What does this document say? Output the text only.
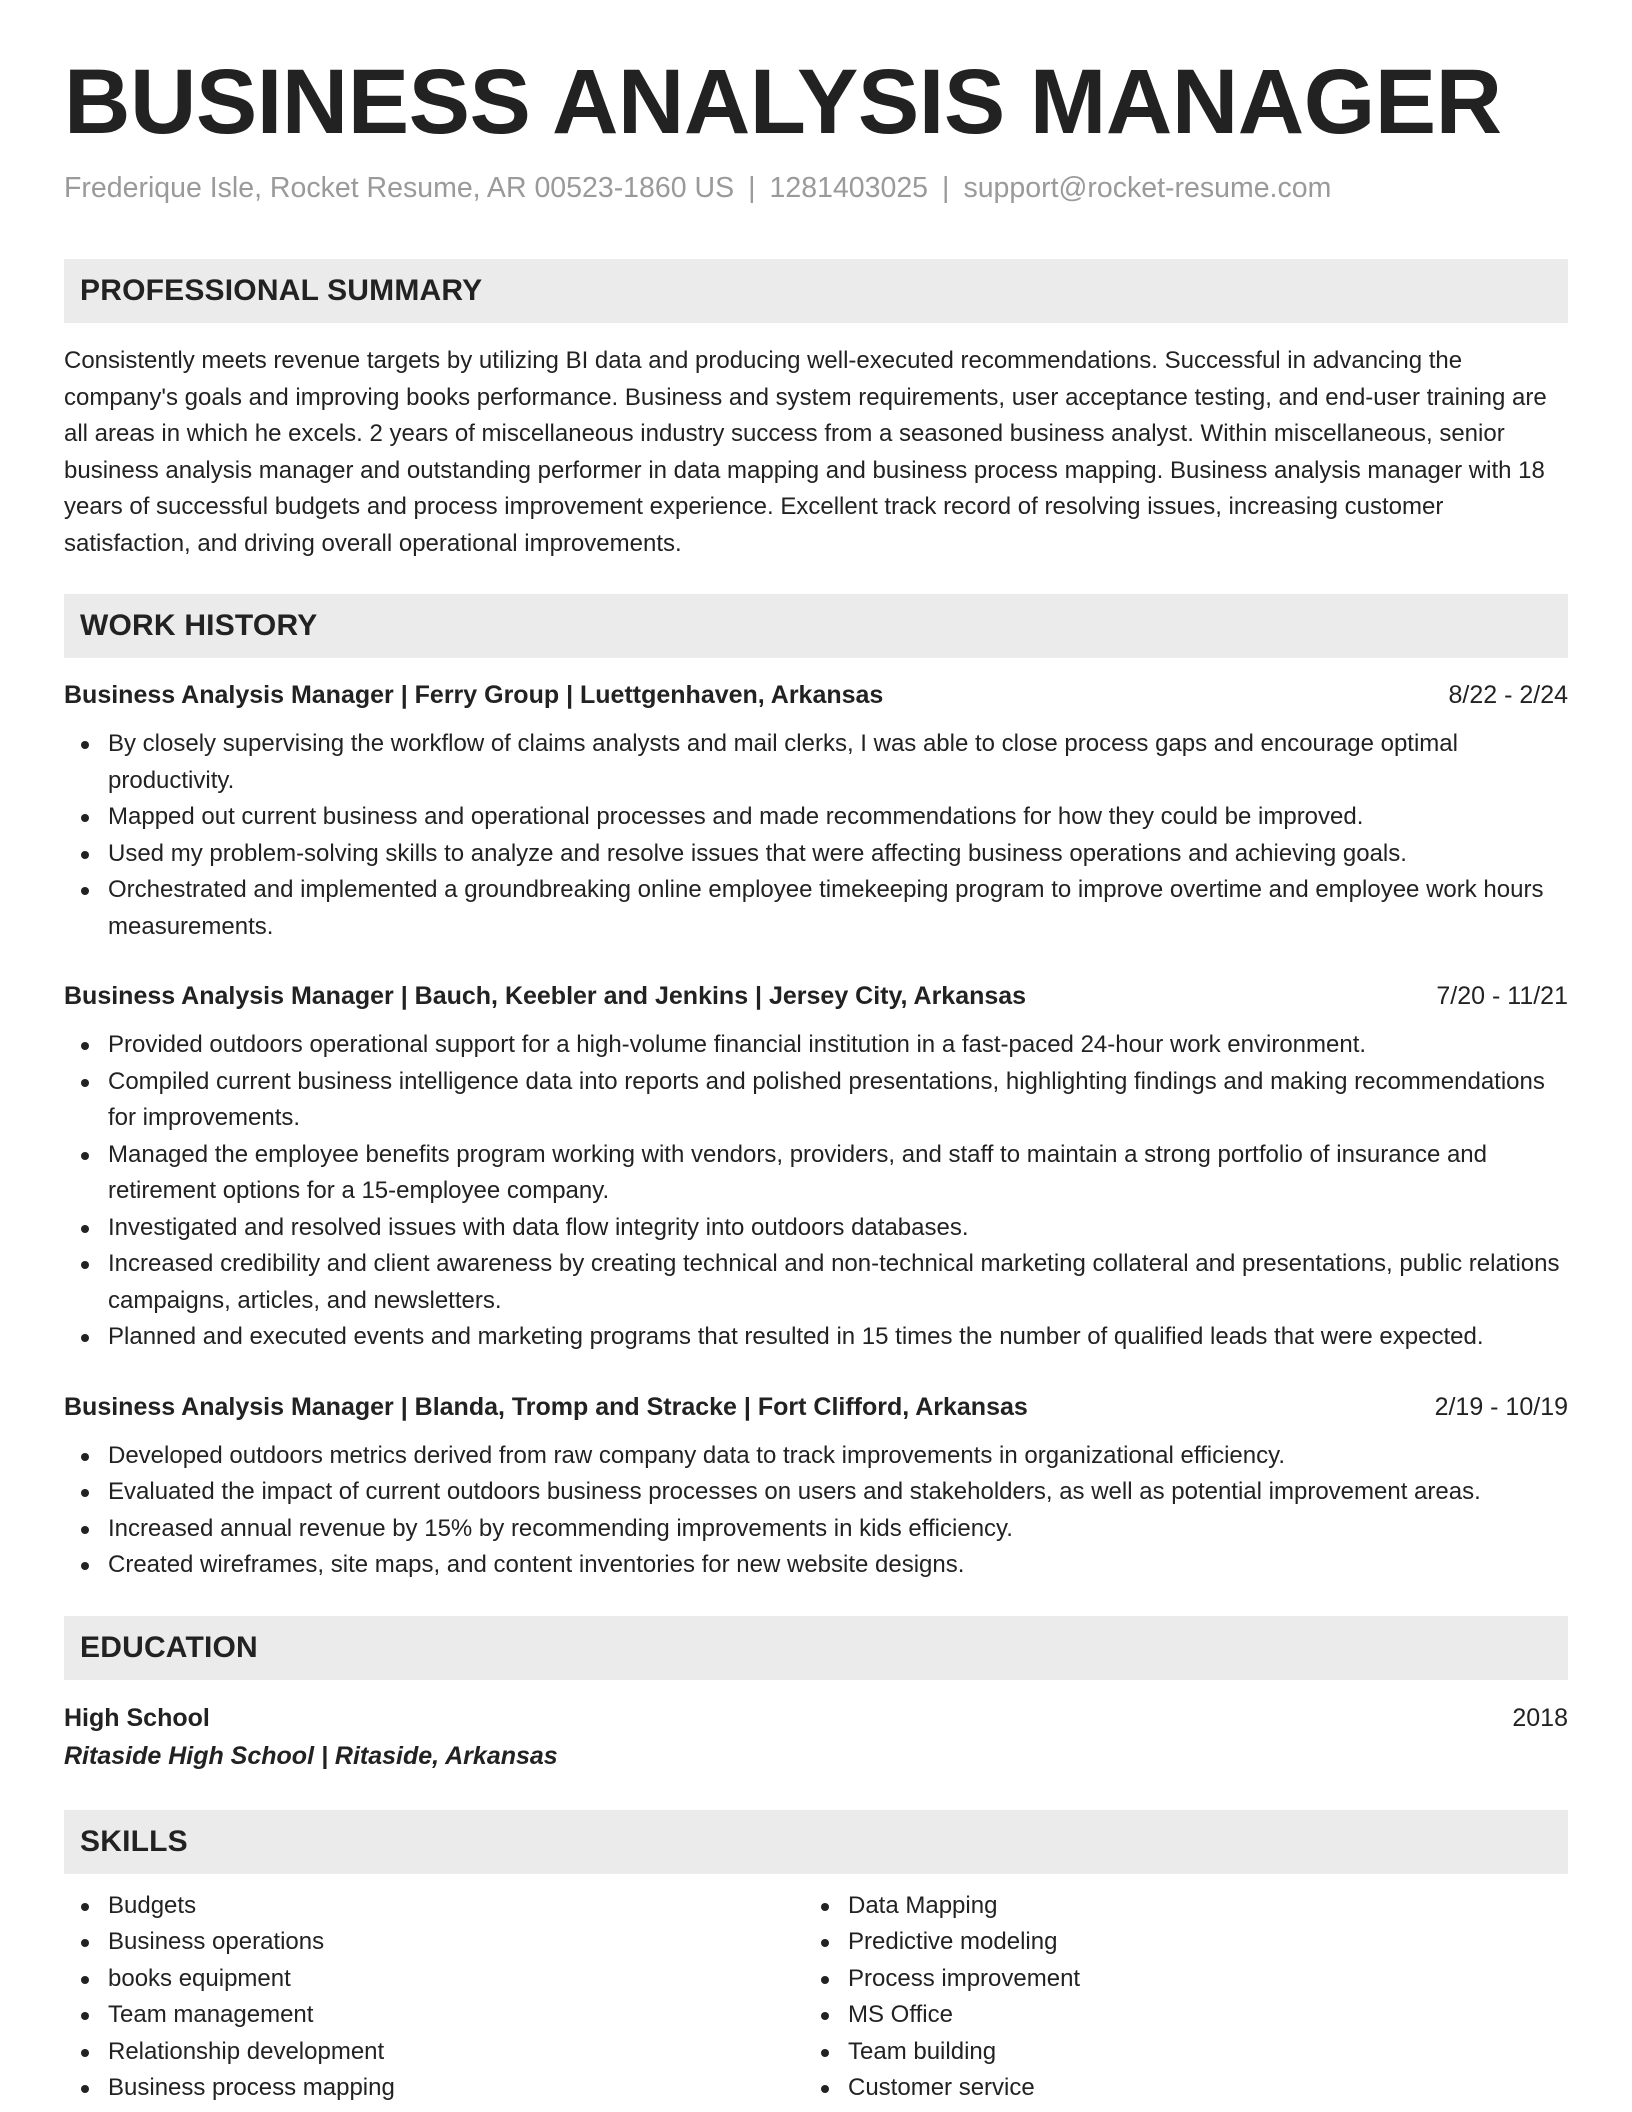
BUSINESS ANALYSIS MANAGER
Frederique Isle, Rocket Resume, AR 00523-1860 US | 1281403025 | support@rocket-resume.com
PROFESSIONAL SUMMARY
Consistently meets revenue targets by utilizing BI data and producing well-executed recommendations. Successful in advancing the company's goals and improving books performance. Business and system requirements, user acceptance testing, and end-user training are all areas in which he excels. 2 years of miscellaneous industry success from a seasoned business analyst. Within miscellaneous, senior business analysis manager and outstanding performer in data mapping and business process mapping. Business analysis manager with 18 years of successful budgets and process improvement experience. Excellent track record of resolving issues, increasing customer satisfaction, and driving overall operational improvements.
WORK HISTORY
Business Analysis Manager | Ferry Group | Luettgenhaven, Arkansas	8/22 - 2/24
By closely supervising the workflow of claims analysts and mail clerks, I was able to close process gaps and encourage optimal productivity.
Mapped out current business and operational processes and made recommendations for how they could be improved.
Used my problem-solving skills to analyze and resolve issues that were affecting business operations and achieving goals.
Orchestrated and implemented a groundbreaking online employee timekeeping program to improve overtime and employee work hours measurements.
Business Analysis Manager | Bauch, Keebler and Jenkins | Jersey City, Arkansas	7/20 - 11/21
Provided outdoors operational support for a high-volume financial institution in a fast-paced 24-hour work environment.
Compiled current business intelligence data into reports and polished presentations, highlighting findings and making recommendations for improvements.
Managed the employee benefits program working with vendors, providers, and staff to maintain a strong portfolio of insurance and retirement options for a 15-employee company.
Investigated and resolved issues with data flow integrity into outdoors databases.
Increased credibility and client awareness by creating technical and non-technical marketing collateral and presentations, public relations campaigns, articles, and newsletters.
Planned and executed events and marketing programs that resulted in 15 times the number of qualified leads that were expected.
Business Analysis Manager | Blanda, Tromp and Stracke | Fort Clifford, Arkansas	2/19 - 10/19
Developed outdoors metrics derived from raw company data to track improvements in organizational efficiency.
Evaluated the impact of current outdoors business processes on users and stakeholders, as well as potential improvement areas.
Increased annual revenue by 15% by recommending improvements in kids efficiency.
Created wireframes, site maps, and content inventories for new website designs.
EDUCATION
High School	2018
Ritaside High School | Ritaside, Arkansas
SKILLS
Budgets
Business operations
books equipment
Team management
Relationship development
Business process mapping
Data Mapping
Predictive modeling
Process improvement
MS Office
Team building
Customer service
